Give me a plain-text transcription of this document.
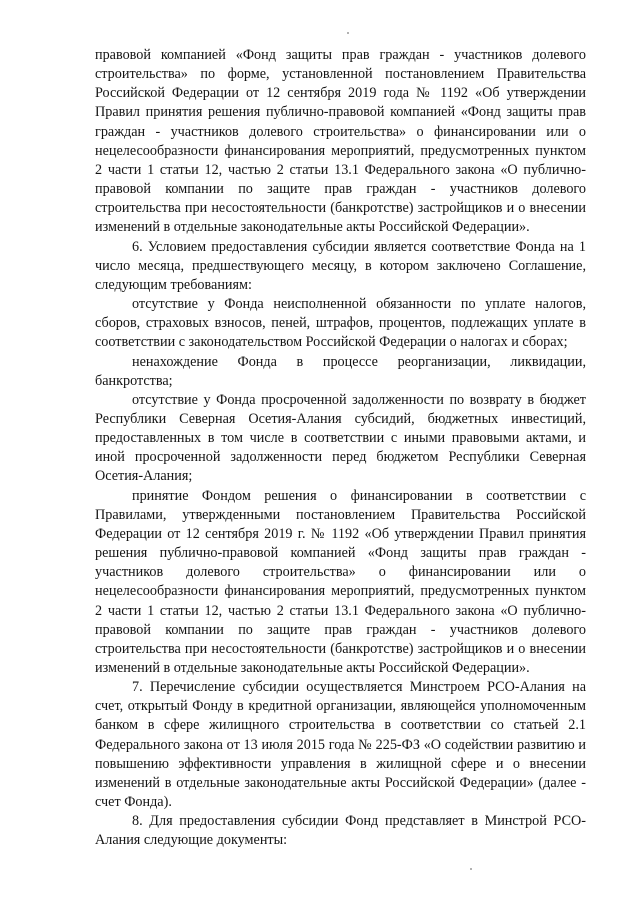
правовой компанией «Фонд защиты прав граждан - участников долевого строительства» по форме, установленной постановлением Правительства Российской Федерации от 12 сентября 2019 года № 1192 «Об утверждении Правил принятия решения публично-правовой компанией «Фонд защиты прав граждан - участников долевого строительства» о финансировании или о нецелесообразности финансирования мероприятий, предусмотренных пунктом 2 части 1 статьи 12, частью 2 статьи 13.1 Федерального закона «О публично-правовой компании по защите прав граждан - участников долевого строительства при несостоятельности (банкротстве) застройщиков и о внесении изменений в отдельные законодательные акты Российской Федерации».

6. Условием предоставления субсидии является соответствие Фонда на 1 число месяца, предшествующего месяцу, в котором заключено Соглашение, следующим требованиям:

отсутствие у Фонда неисполненной обязанности по уплате налогов, сборов, страховых взносов, пеней, штрафов, процентов, подлежащих уплате в соответствии с законодательством Российской Федерации о налогах и сборах;

ненахождение Фонда в процессе реорганизации, ликвидации, банкротства;

отсутствие у Фонда просроченной задолженности по возврату в бюджет Республики Северная Осетия-Алания субсидий, бюджетных инвестиций, предоставленных в том числе в соответствии с иными правовыми актами, и иной просроченной задолженности перед бюджетом Республики Северная Осетия-Алания;

принятие Фондом решения о финансировании в соответствии с Правилами, утвержденными постановлением Правительства Российской Федерации от 12 сентября 2019 г. № 1192 «Об утверждении Правил принятия решения публично-правовой компанией «Фонд защиты прав граждан - участников долевого строительства» о финансировании или о нецелесообразности финансирования мероприятий, предусмотренных пунктом 2 части 1 статьи 12, частью 2 статьи 13.1 Федерального закона «О публично-правовой компании по защите прав граждан - участников долевого строительства при несостоятельности (банкротстве) застройщиков и о внесении изменений в отдельные законодательные акты Российской Федерации».

7. Перечисление субсидии осуществляется Минстроем РСО-Алания на счет, открытый Фонду в кредитной организации, являющейся уполномоченным банком в сфере жилищного строительства в соответствии со статьей 2.1 Федерального закона от 13 июля 2015 года № 225-ФЗ «О содействии развитию и повышению эффективности управления в жилищной сфере и о внесении изменений в отдельные законодательные акты Российской Федерации» (далее - счет Фонда).

8. Для предоставления субсидии Фонд представляет в Минстрой РСО-Алания следующие документы:
